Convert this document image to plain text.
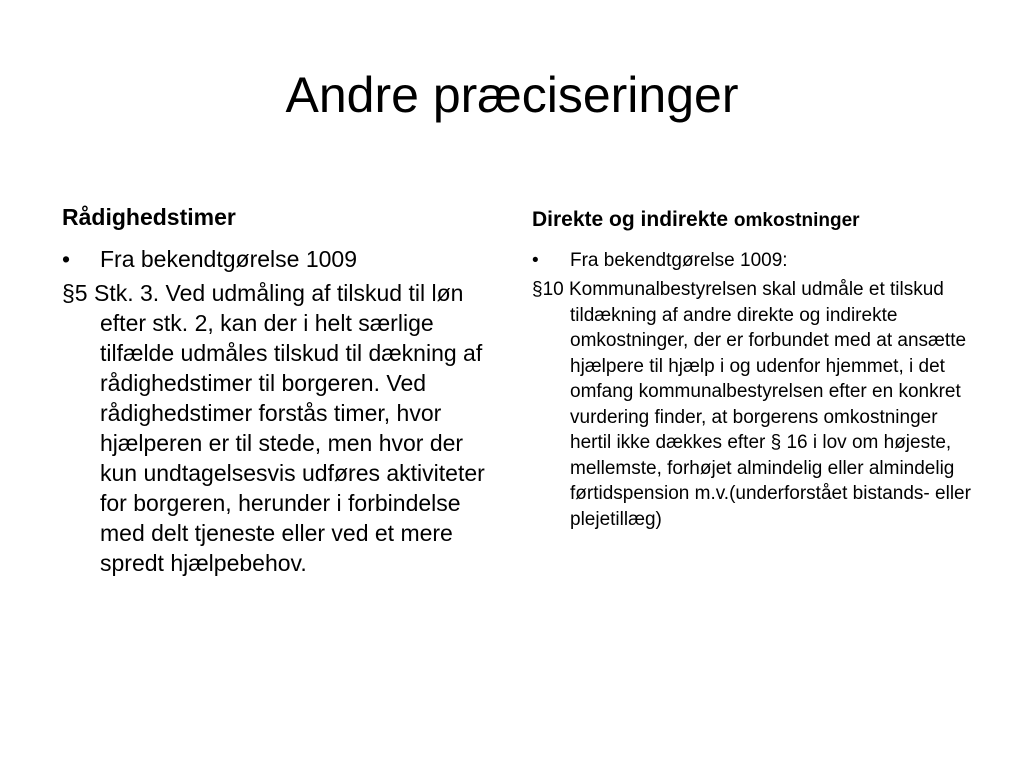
Andre præciseringer

Rådighedstimer

• Fra bekendtgørelse 1009

§5 Stk. 3. Ved udmåling af tilskud til løn efter stk. 2, kan der i helt særlige tilfælde udmåles tilskud til dækning af rådighedstimer til borgeren. Ved rådighedstimer forstås timer, hvor hjælperen er til stede, men hvor der kun undtagelsesvis udføres aktiviteter for borgeren, herunder i forbindelse med delt tjeneste eller ved et mere spredt hjælpebehov.

Direkte og indirekte omkostninger

• Fra bekendtgørelse 1009:

§10 Kommunalbestyrelsen skal udmåle et tilskud tildækning af andre direkte og indirekte omkostninger, der er forbundet med at ansætte hjælpere til hjælp i og udenfor hjemmet, i det omfang kommunalbestyrelsen efter en konkret vurdering finder, at borgerens omkostninger hertil ikke dækkes efter § 16 i lov om højeste, mellemste, forhøjet almindelig eller almindelig førtidspension m.v.(underforstået bistands- eller plejetillæg)
